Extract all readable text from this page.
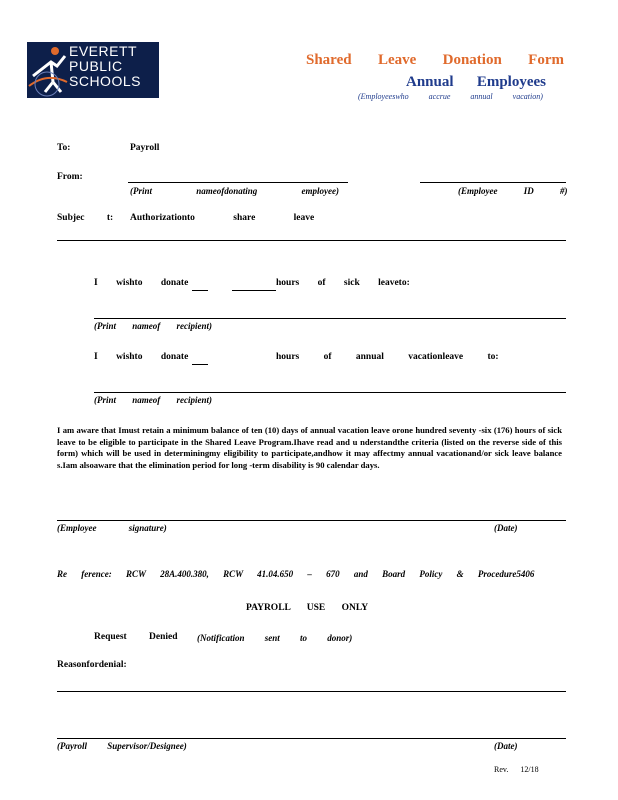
EVERETT
PUBLIC
SCHOOLS
Shared Leave Donation Form
Annual Employees
(Employeeswho accrue annual vacation)
To:	Payroll
From:
(Print nameofdonating employee)	(Employee ID #)
Subjec t: Authorizationto share leave
I wishto donate	hours of sick leaveto:
(Print nameof recipient)
I wishto donate	hours of annual vacationleave to:
(Print nameof recipient)
I am aware that Imust retain a minimum balance of ten (10) days of annual vacation leave orone hundred seventy -six (176) hours of sick leave to be eligible to participate in the Shared Leave Program.Ihave read and u nderstandthe criteria (listed on the reverse side of this form) which will be used in determiningmy eligibility to participate,andhow it may affectmy annual vacationand/or sick leave balance s.Iam alsoaware that the elimination period for long -term disability is 90 calendar days.
(Employee signature)	(Date)
Re ference: RCW 28A.400.380, RCW 41.04.650 – 670 and Board Policy & Procedure5406
PAYROLL USE ONLY
Request Denied (Notification sent to donor)
Reasonfordenial:
(Payroll Supervisor/Designee)	(Date)
Rev. 12/18
